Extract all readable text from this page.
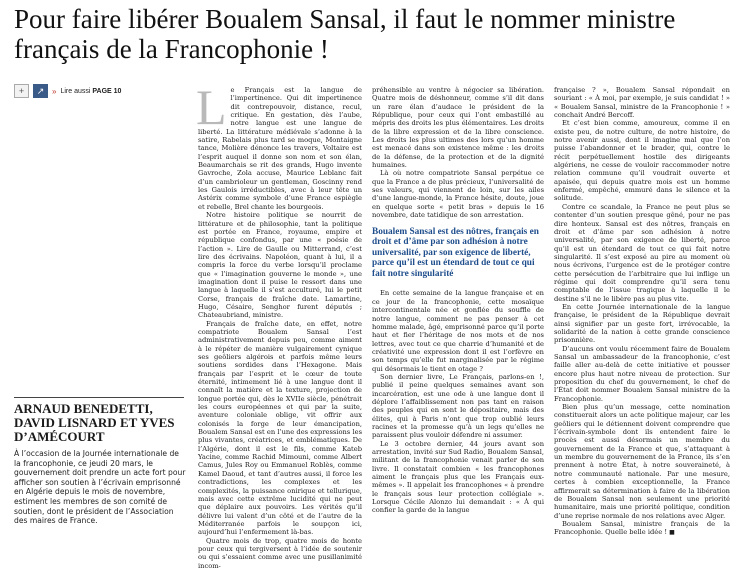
Pour faire libérer Boualem Sansal, il faut le nommer ministre français de la Francophonie !
+ ↗ » Lire aussi PAGE 10
ARNAUD BENEDETTI, DAVID LISNARD ET YVES D’AMÉCOURT

À l’occasion de la Journée internationale de la francophonie, ce jeudi 20 mars, le gouvernement doit prendre un acte fort pour afficher son soutien à l’écrivain emprisonné en Algérie depuis le mois de novembre, estiment les membres de son comité de soutien, dont le président de l’Association des maires de France.

L e Français est la langue de l’impertinence. Qui dit impertinence dit contrepouvoir, distance, recul, critique. En gestation, dès l’aube, notre langue est une langue de liberté. La littérature médiévale s’adonne à la satire, Rabelais plus tard se moque, Montaigne tance, Molière dénonce les travers, Voltaire est l’esprit auquel il donne son nom et son élan, Beaumarchais se rit des grands, Hugo invente Gavroche, Zola accuse, Maurice Leblanc fait d’un cambrioleur un gentleman, Goscinny rend les Gaulois irréductibles, avec à leur tête un Astérix comme symbole d’une France espiègle et rebelle, Brel chante les bourgeois.

Notre histoire politique se nourrit de littérature et de philosophie, tant la politique est portée en France, royaume, empire et république confondus, par une « poésie de l’action ». Lire de Gaulle ou Mitterrand, c’est lire des écrivains. Napoléon, quant à lui, il a compris la force du verbe lorsqu’il proclame que « l’imagination gouverne le monde », une imagination dont il puise le ressort dans une langue à laquelle il s’est acculturé, lui le petit Corse, français de fraîche date. Lamartine, Hugo, Césaire, Senghor furent députés ; Chateaubriand, ministre.

Français de fraîche date, en effet, notre compatriote Boualem Sansal l’est administrativement depuis peu, comme aiment à le répéter de manière vulgairement cynique ses geôliers algérois et parfois même leurs soutiens sordides dans l’Hexagone. Mais français par l’esprit et le cœur de toute éternité, intimement lié à une langue dont il connaît la matière et la texture, projection de longue portée qui, dès le XVIIe siècle, pénétrait les cours européennes et qui par la suite, aventure coloniale oblige, vit offrir aux colonisés la forge de leur émancipation, Boualem Sansal est en l’une des expressions les plus vivantes, créatrices, et emblématiques. De l’Algérie, dont il est le fils, comme Kateb Yacine, comme Rachid Mimouni, comme Albert Camus, Jules Roy ou Emmanuel Roblès, comme Kamel Daoud, et tant d’autres aussi, il force les contradictions, les complexes et les complexités, la puissance onirique et tellurique, mais avec cette extrême lucidité qui ne peut que déplaire aux pouvoirs. Les vérités qu’il délivre lui valent d’un côté et de l’autre de la Méditerranée parfois le soupçon ici, aujourd’hui l’enfermement là-bas.

Quatre mois de trop, quatre mois de honte pour ceux qui tergiversent à l’idée de soutenir ou qui s’essaient comme avec une pusillanimité incom-

préhensible au ventre à négocier sa libération. Quatre mois de déshonneur, comme s’il dit dans un rare élan d’audace le président de la République, pour ceux qui l’ont embastillé au mépris des droits les plus élémentaires. Les droits de la libre expression et de la libre conscience. Les droits les plus ultimes des lors qu’un homme est menacé dans son existence même : les droits de la défense, de la protection et de la dignité humaines.

Là où notre compatriote Sansal perpétue ce que la France a de plus précieux, l’universalité de ses valeurs, qui viennent de loin, sur les ailes d’une langue-monde, la France hésite, doute, joue en quelque sorte « petit bras » depuis le 16 novembre, date tatidique de son arrestation.

Boualem Sansal est des nôtres, français en droit et d’âme par son adhésion à notre universalité, par son exigence de liberté, parce qu’il est un étendard de tout ce qui fait notre singularité

En cette semaine de la langue française et en ce jour de la francophonie, cette mosaïque intercontinentale née et gonflée du souffle de notre langue, comment ne pas penser à cet homme malade, âgé, emprisonné parce qu’il porte haut et fier l’héritage de nos mots et de nos lettres, avec tout ce que charrie d’humanité et de créativité une expression dont il est l’orfèvre en son temps qu’elle fut marginalisée par le régime qui désormais le tient en otage ?

Son dernier livre, Le Français, parlons-en !, publié il peine quelques semaines avant son incarcération, est une ode à une langue dont il déplore l’affaiblissement non pas tant en raison des peuples qui en sont le dépositaire, mais des élites, qui à Paris n’ont que trop oublié leurs racines et la promesse qu’à un legs qu’elles ne paraissent plus vouloir défendre ni assumer.

Le 3 octobre dernier, 44 jours avant son arrestation, invité sur Sud Radio, Boualem Sansal, militant de la francophonie venait parler de son livre. Il constatait combien « les francophones aiment le français plus que les Français eux-mêmes ». Il appelait les francophones « à prendre le français sous leur protection collégiale ». Lorsque Cécile Alonzo lui demandait : « À qui confier la garde de la langue

française ? », Boualem Sansal répondait en souriant : « À moi, par exemple, je suis candidat ! » « Boualem Sansal, ministre de la Francophonie ! » conchait André Bercoff.

Et c’est bien comme, amoureux, comme il en existe peu, de notre culture, de notre histoire, de notre avenir aussi, dont il imagine mal que l’on puisse l’abandonner et le brader, qui, contre le récit perpétuellement hostile des dirigeants algériens, ne cesse de vouloir raccommoder notre relation commune qu’il voudrait ouverte et apaisée, qui depuis quatre mois est un homme enfermé, empêché, emmuré dans le silence et la solitude.

Contre ce scandale, la France ne peut plus se contenter d’un soutien presque gêné, pour ne pas dire honteux. Sansal est des nôtres, français en droit et d’âme par son adhésion à notre universalité, par son exigence de liberté, parce qu’il est un étendard de tout ce qui fait notre singularité. Il s’est exposé au pire au moment où nous écrivons, l’urgence est de le protéger contre cette persécution de l’arbitraire que lui inflige un régime qui doit comprendre qu’il sera tenu comptable de l’issue tragique à laquelle il le destine s’il ne le libère pas au plus vite.

En cette Journée internationale de la langue française, le président de la République devrait ainsi signifier par un geste fort, irrévocable, la solidarité de la nation à cette grande conscience prisonnière.

D’aucuns ont voulu récemment faire de Boualem Sansal un ambassadeur de la francophonie, c’est faille aller au-delà de cette initiative et pousser encore plus haut notre niveau de protection. Sur proposition du chef du gouvernement, le chef de l’État doit nommer Boualem Sansal ministre de la Francophonie.

Bien plus qu’un message, cette nomination constituerait alors un acte politique majeur, car les geôliers qui le détiennent doivent comprendre que l’écrivain-symbole dont ils entendent faire le procès est aussi désormais un membre du gouvernement de la France et que, s’attaquant à un membre du gouvernement de la France, ils s’en prennent à notre État, à notre souveraineté, à notre communauté nationale. Par une mesure, certes à combien exceptionnelle, la France affirmerait sa détermination à faire de la libération de Boualem Sansal non seulement une priorité humanitaire, mais une priorité politique, condition d’une reprise normale de nos relations avec Alger.

Boualem Sansal, ministre français de la Francophonie. Quelle belle idée ! ■
